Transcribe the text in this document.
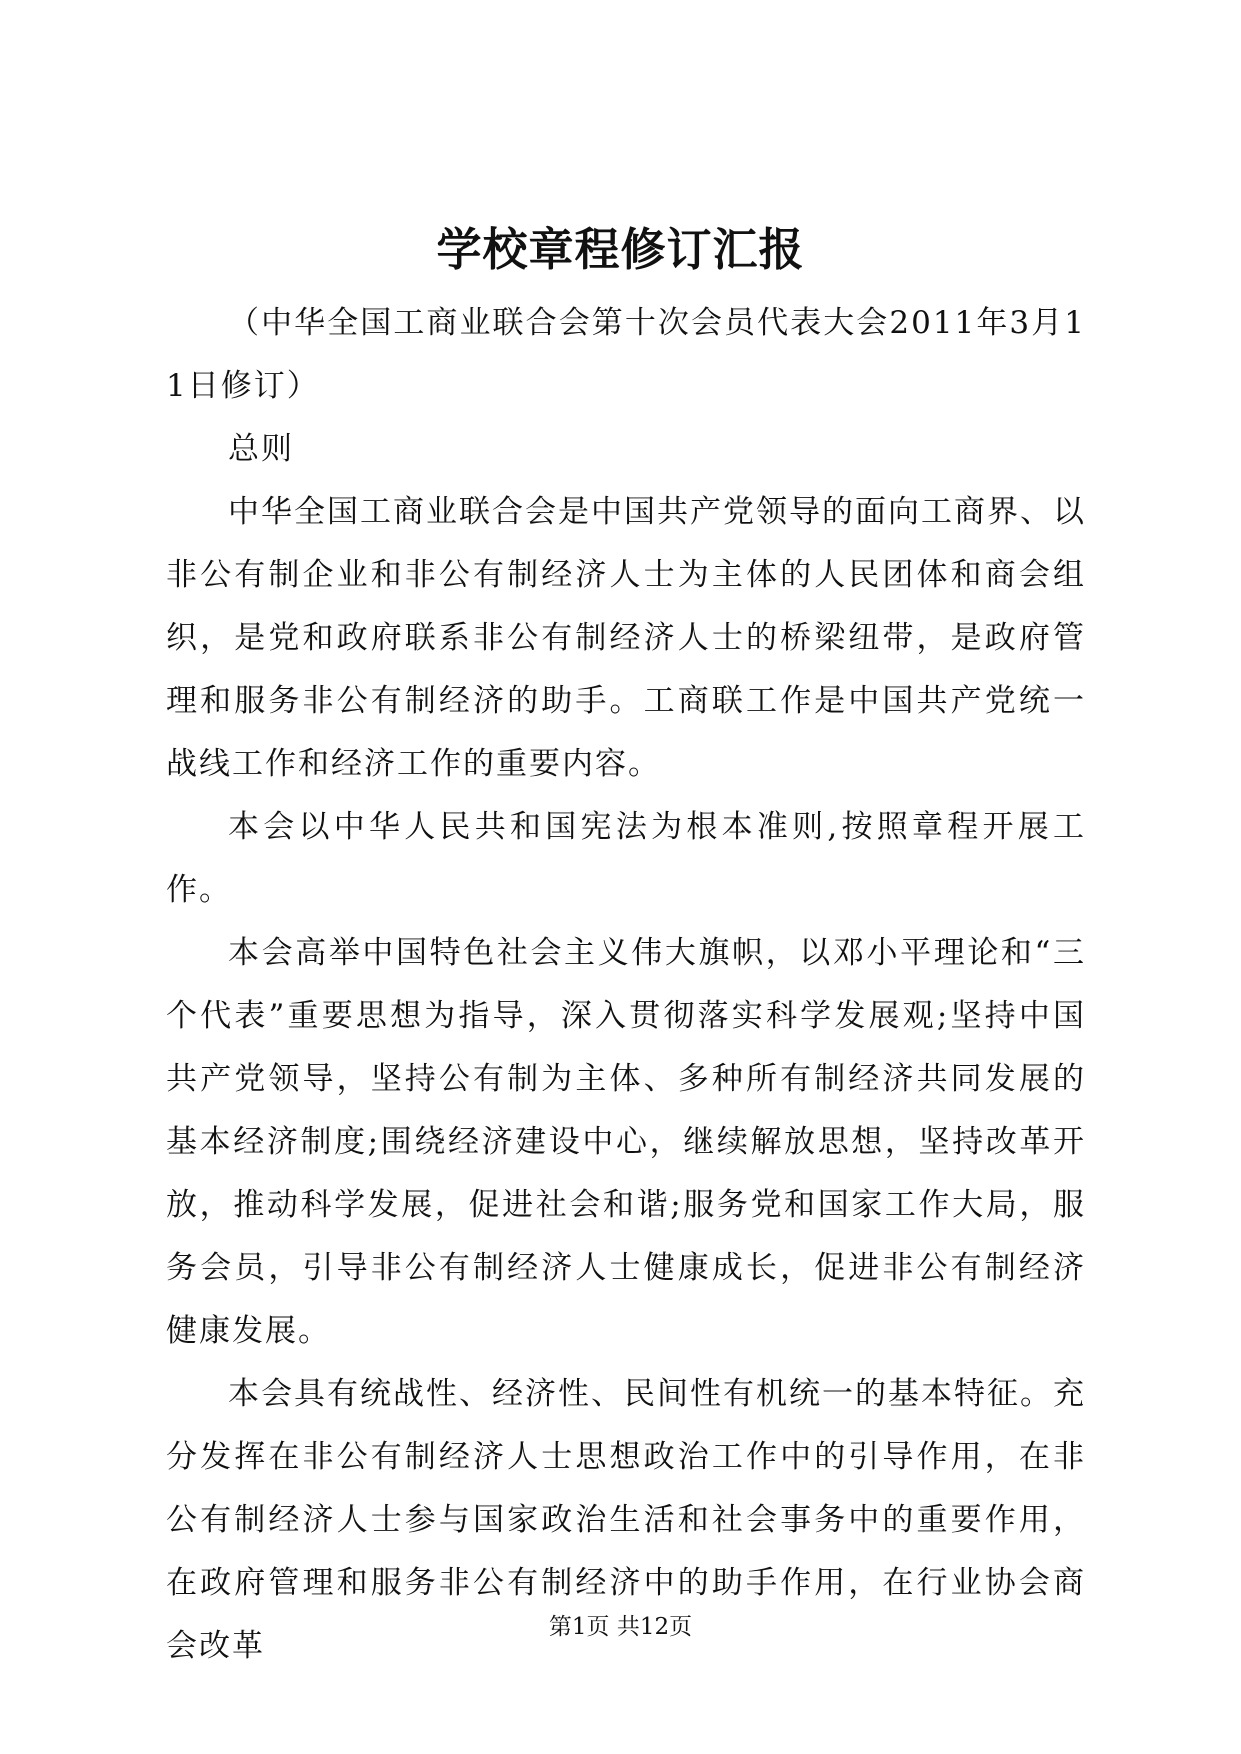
学校章程修订汇报

（中华全国工商业联合会第十次会员代表大会2011年3月11日修订）

总则

中华全国工商业联合会是中国共产党领导的面向工商界、以非公有制企业和非公有制经济人士为主体的人民团体和商会组织，是党和政府联系非公有制经济人士的桥梁纽带，是政府管理和服务非公有制经济的助手。工商联工作是中国共产党统一战线工作和经济工作的重要内容。

本会以中华人民共和国宪法为根本准则,按照章程开展工作。

本会高举中国特色社会主义伟大旗帜，以邓小平理论和“三个代表”重要思想为指导，深入贯彻落实科学发展观;坚持中国共产党领导，坚持公有制为主体、多种所有制经济共同发展的基本经济制度;围绕经济建设中心，继续解放思想，坚持改革开放，推动科学发展，促进社会和谐;服务党和国家工作大局，服务会员，引导非公有制经济人士健康成长，促进非公有制经济健康发展。

本会具有统战性、经济性、民间性有机统一的基本特征。充分发挥在非公有制经济人士思想政治工作中的引导作用，在非公有制经济人士参与国家政治生活和社会事务中的重要作用，在政府管理和服务非公有制经济中的助手作用，在行业协会商会改革

第1页 共12页
